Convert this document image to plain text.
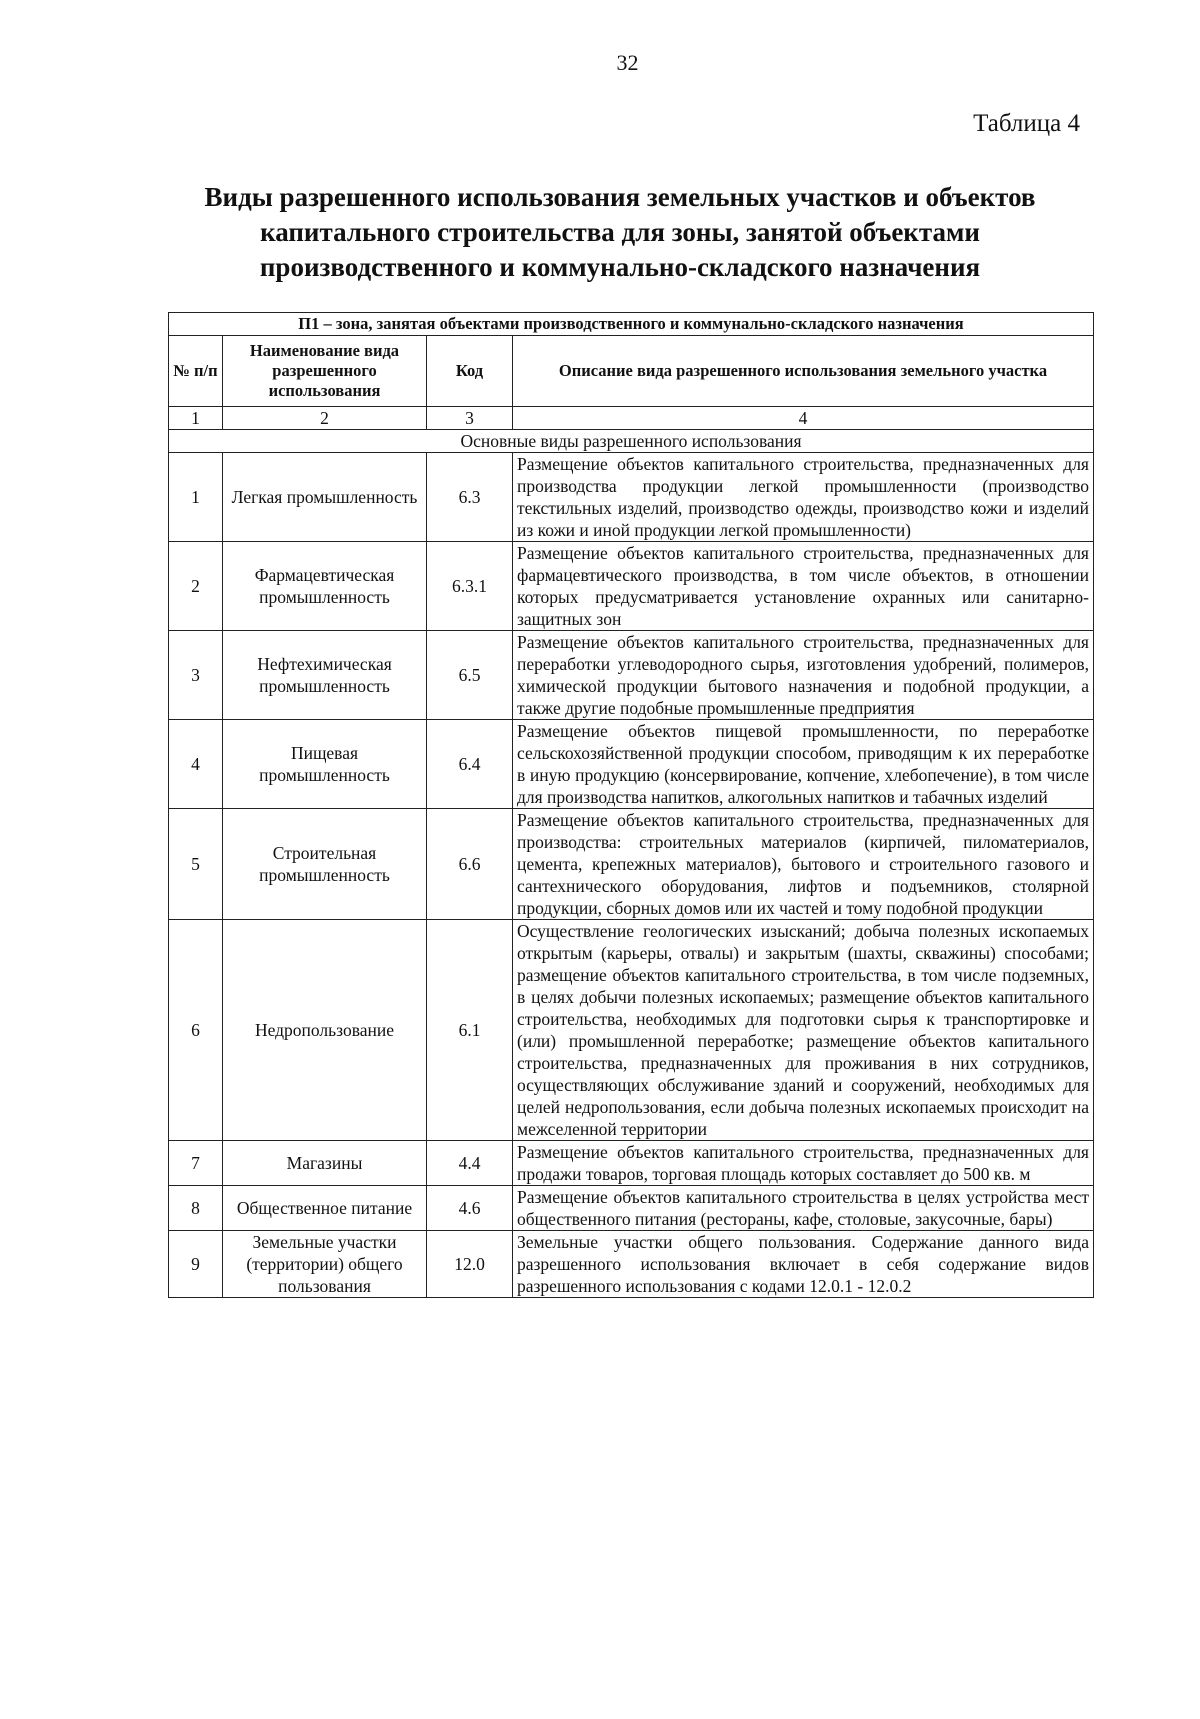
32
Таблица 4
Виды разрешенного использования земельных участков и объектов
капитального строительства для зоны, занятой объектами
производственного и коммунально-складского назначения
П1 – зона, занятая объектами производственного и коммунально-складского назначения			
№ п/п	Наименование вида разрешенного использования	Код	Описание вида разрешенного использования земельного участка
1	2	3	4
Основные виды разрешенного использования			
1	Легкая промышленность	6.3	Размещение объектов капитального строительства, предназначенных для производства продукции легкой промышленности (производство текстильных изделий, производство одежды, производство кожи и изделий из кожи и иной продукции легкой промышленности)
2	Фармацевтическая промышленность	6.3.1	Размещение объектов капитального строительства, предназначенных для фармацевтического производства, в том числе объектов, в отношении которых предусматривается установление охранных или санитарно-защитных зон
3	Нефтехимическая промышленность	6.5	Размещение объектов капитального строительства, предназначенных для переработки углеводородного сырья, изготовления удобрений, полимеров, химической продукции бытового назначения и подобной продукции, а также другие подобные промышленные предприятия
4	Пищевая промышленность	6.4	Размещение объектов пищевой промышленности, по переработке сельскохозяйственной продукции способом, приводящим к их переработке в иную продукцию (консервирование, копчение, хлебопечение), в том числе для производства напитков, алкогольных напитков и табачных изделий
5	Строительная промышленность	6.6	Размещение объектов капитального строительства, предназначенных для производства: строительных материалов (кирпичей, пиломатериалов, цемента, крепежных материалов), бытового и строительного газового и сантехнического оборудования, лифтов и подъемников, столярной продукции, сборных домов или их частей и тому подобной продукции
6	Недропользование	6.1	Осуществление геологических изысканий; добыча полезных ископаемых открытым (карьеры, отвалы) и закрытым (шахты, скважины) способами; размещение объектов капитального строительства, в том числе подземных, в целях добычи полезных ископаемых; размещение объектов капитального строительства, необходимых для подготовки сырья к транспортировке и (или) промышленной переработке; размещение объектов капитального строительства, предназначенных для проживания в них сотрудников, осуществляющих обслуживание зданий и сооружений, необходимых для целей недропользования, если добыча полезных ископаемых происходит на межселенной территории
7	Магазины	4.4	Размещение объектов капитального строительства, предназначенных для продажи товаров, торговая площадь которых составляет до 500 кв. м
8	Общественное питание	4.6	Размещение объектов капитального строительства в целях устройства мест общественного питания (рестораны, кафе, столовые, закусочные, бары)
9	Земельные участки (территории) общего пользования	12.0	Земельные участки общего пользования. Содержание данного вида разрешенного использования включает в себя содержание видов разрешенного использования с кодами 12.0.1 - 12.0.2
